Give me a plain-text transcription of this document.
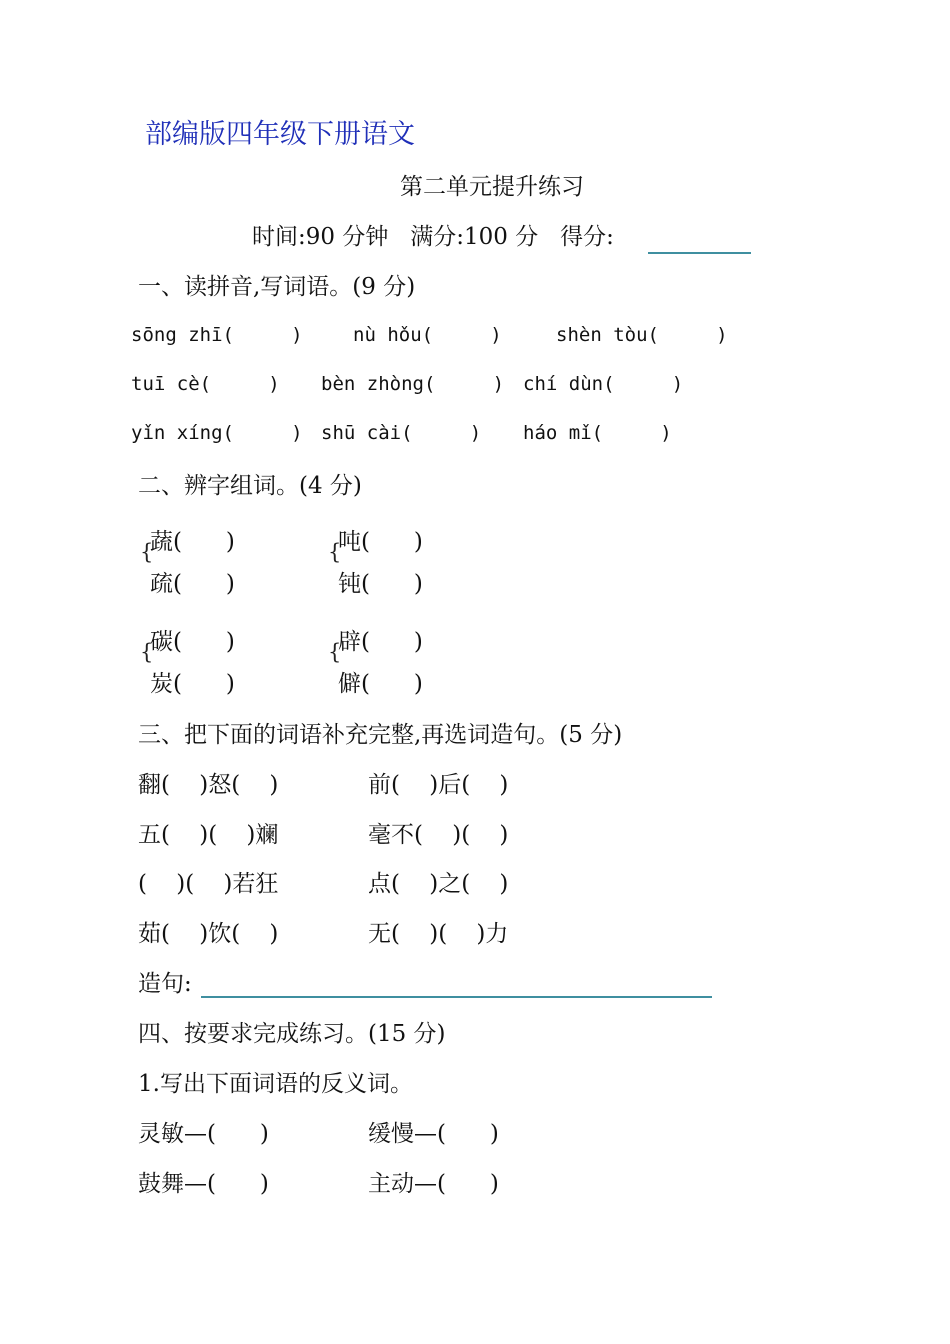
部编版四年级下册语文
第二单元提升练习
时间:90 分钟   满分:100 分   得分:
一、读拼音,写词语。(9 分)
sōng zhī(     )	nù hǒu(     )	shèn tòu(     )
tuī cè(     ) bèn zhòng(     ) chí dùn(     )
yǐn xíng(     ) shū cài(     ) háo mǐ(     )
二、辨字组词。(4 分)
{
蔬(      )
疏(      )
{
吨(      )
钝(      )
{
碳(      )
炭(      )
{
辟(      )
僻(      )
三、把下面的词语补充完整,再选词造句。(5 分)
翻(    )怒(    )	前(    )后(    )
五(    )(    )斓	毫不(    )(    )
(    )(    )若狂	点(    )之(    )
茹(    )饮(    )	无(    )(    )力
造句:
四、按要求完成练习。(15 分)
1.写出下面词语的反义词。
灵敏—(      )	缓慢—(      )
鼓舞—(      )	主动—(      )
